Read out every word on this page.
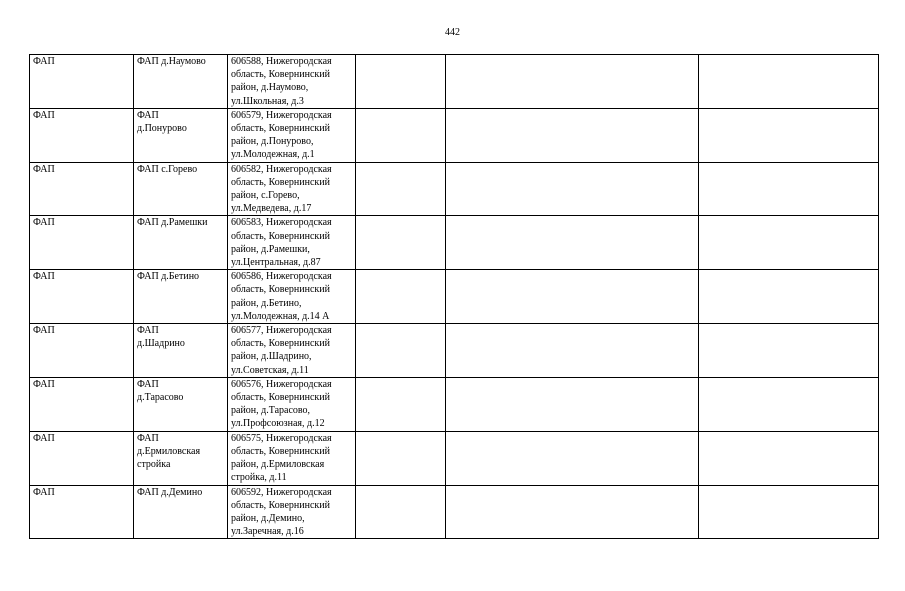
442
ФАП	ФАП д.Наумово	606588, Нижегородская
область, Ковернинский
район, д.Наумово,
ул.Школьная, д.3			
ФАП	ФАП
д.Понурово	606579, Нижегородская
область, Ковернинский
район, д.Понурово,
ул.Молодежная, д.1			
ФАП	ФАП с.Горево	606582, Нижегородская
область, Ковернинский
район, с.Горево,
ул.Медведева, д.17			
ФАП	ФАП д.Рамешки	606583, Нижегородская
область, Ковернинский
район, д.Рамешки,
ул.Центральная, д.87			
ФАП	ФАП д.Бетино	606586, Нижегородская
область, Ковернинский
район, д.Бетино,
ул.Молодежная, д.14 А			
ФАП	ФАП
д.Шадрино	606577, Нижегородская
область, Ковернинский
район, д.Шадрино,
ул.Советская, д.11			
ФАП	ФАП
д.Тарасово	606576, Нижегородская
область, Ковернинский
район, д.Тарасово,
ул.Профсоюзная, д.12			
ФАП	ФАП
д.Ермиловская
стройка	606575, Нижегородская
область, Ковернинский
район, д.Ермиловская
стройка, д.11			
ФАП	ФАП д.Демино	606592, Нижегородская
область, Ковернинский
район, д.Демино,
ул.Заречная, д.16			
